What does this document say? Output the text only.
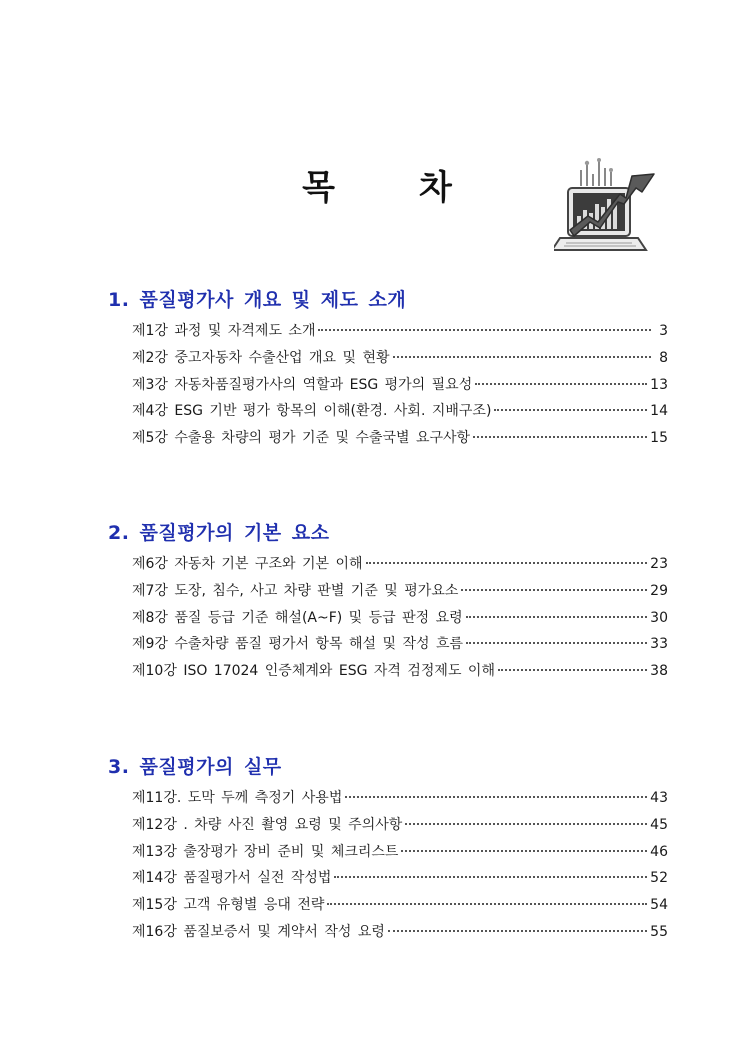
목 차
1. 품질평가사 개요 및 제도 소개
제1강 과정 및 자격제도 소개	3
제2강 중고자동차 수출산업 개요 및 현황	8
제3강 자동차품질평가사의 역할과 ESG 평가의 필요성	13
제4강 ESG 기반 평가 항목의 이해(환경. 사회. 지배구조)	14
제5강 수출용 차량의 평가 기준 및 수출국별 요구사항	15
2. 품질평가의 기본 요소
제6강 자동차 기본 구조와 기본 이해	23
제7강 도장, 침수, 사고 차량 판별 기준 및 평가요소	29
제8강 품질 등급 기준 해설(A~F) 및 등급 판정 요령	30
제9강 수출차량 품질 평가서 항목 해설 및 작성 흐름	33
제10강 ISO 17024 인증체계와 ESG 자격 검정제도 이해	38
3. 품질평가의 실무
제11강. 도막 두께 측정기 사용법	43
제12강 . 차량 사진 촬영 요령 및 주의사항	45
제13강 출장평가 장비 준비 및 체크리스트	46
제14강 품질평가서 실전 작성법	52
제15강 고객 유형별 응대 전략	54
제16강 품질보증서 및 계약서 작성 요령	55
